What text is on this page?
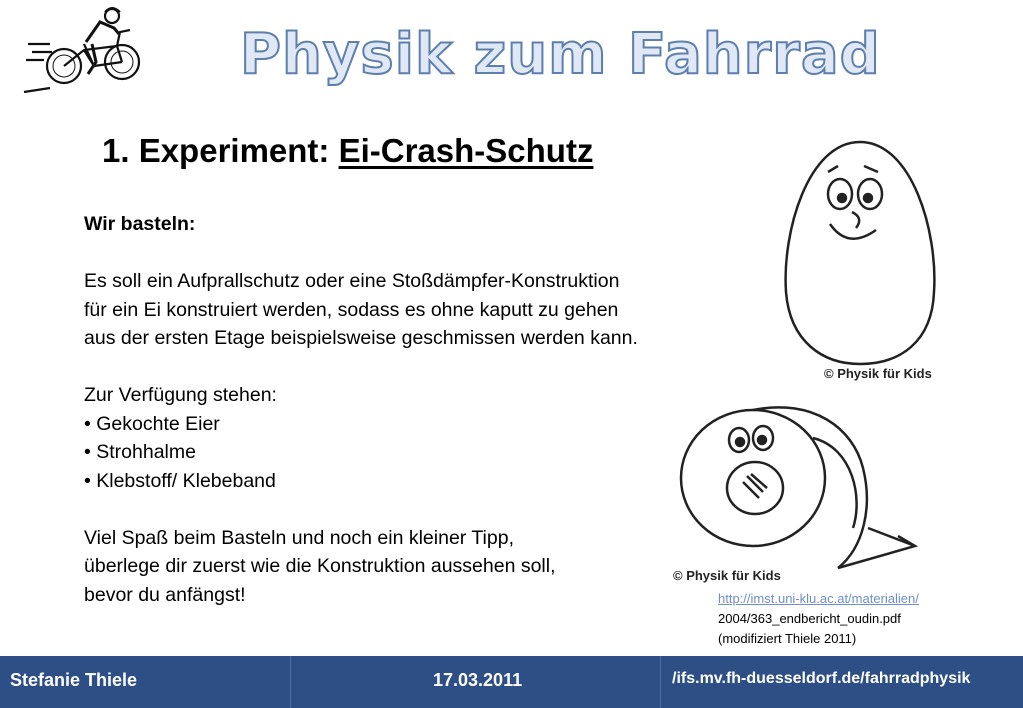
Physik zum Fahrrad
1. Experiment: Ei-Crash-Schutz

Wir basteln:

Es soll ein Aufprallschutz oder eine Stoßdämpfer-Konstruktion

für ein Ei konstruiert werden, sodass es ohne kaputt zu gehen

aus der ersten Etage beispielsweise geschmissen werden kann.

Zur Verfügung stehen:

• Gekochte Eier

• Strohhalme

• Klebstoff/ Klebeband

Viel Spaß beim Basteln und noch ein kleiner Tipp,

überlege dir zuerst wie die Konstruktion aussehen soll,

bevor du anfängst!

© Physik für Kids
© Physik für Kids
http://imst.uni-klu.ac.at/materialien/
2004/363_endbericht_oudin.pdf
(modifiziert Thiele 2011)
Stefanie Thiele	17.03.2011	/ifs.mv.fh-duesseldorf.de/fahrradphysik
